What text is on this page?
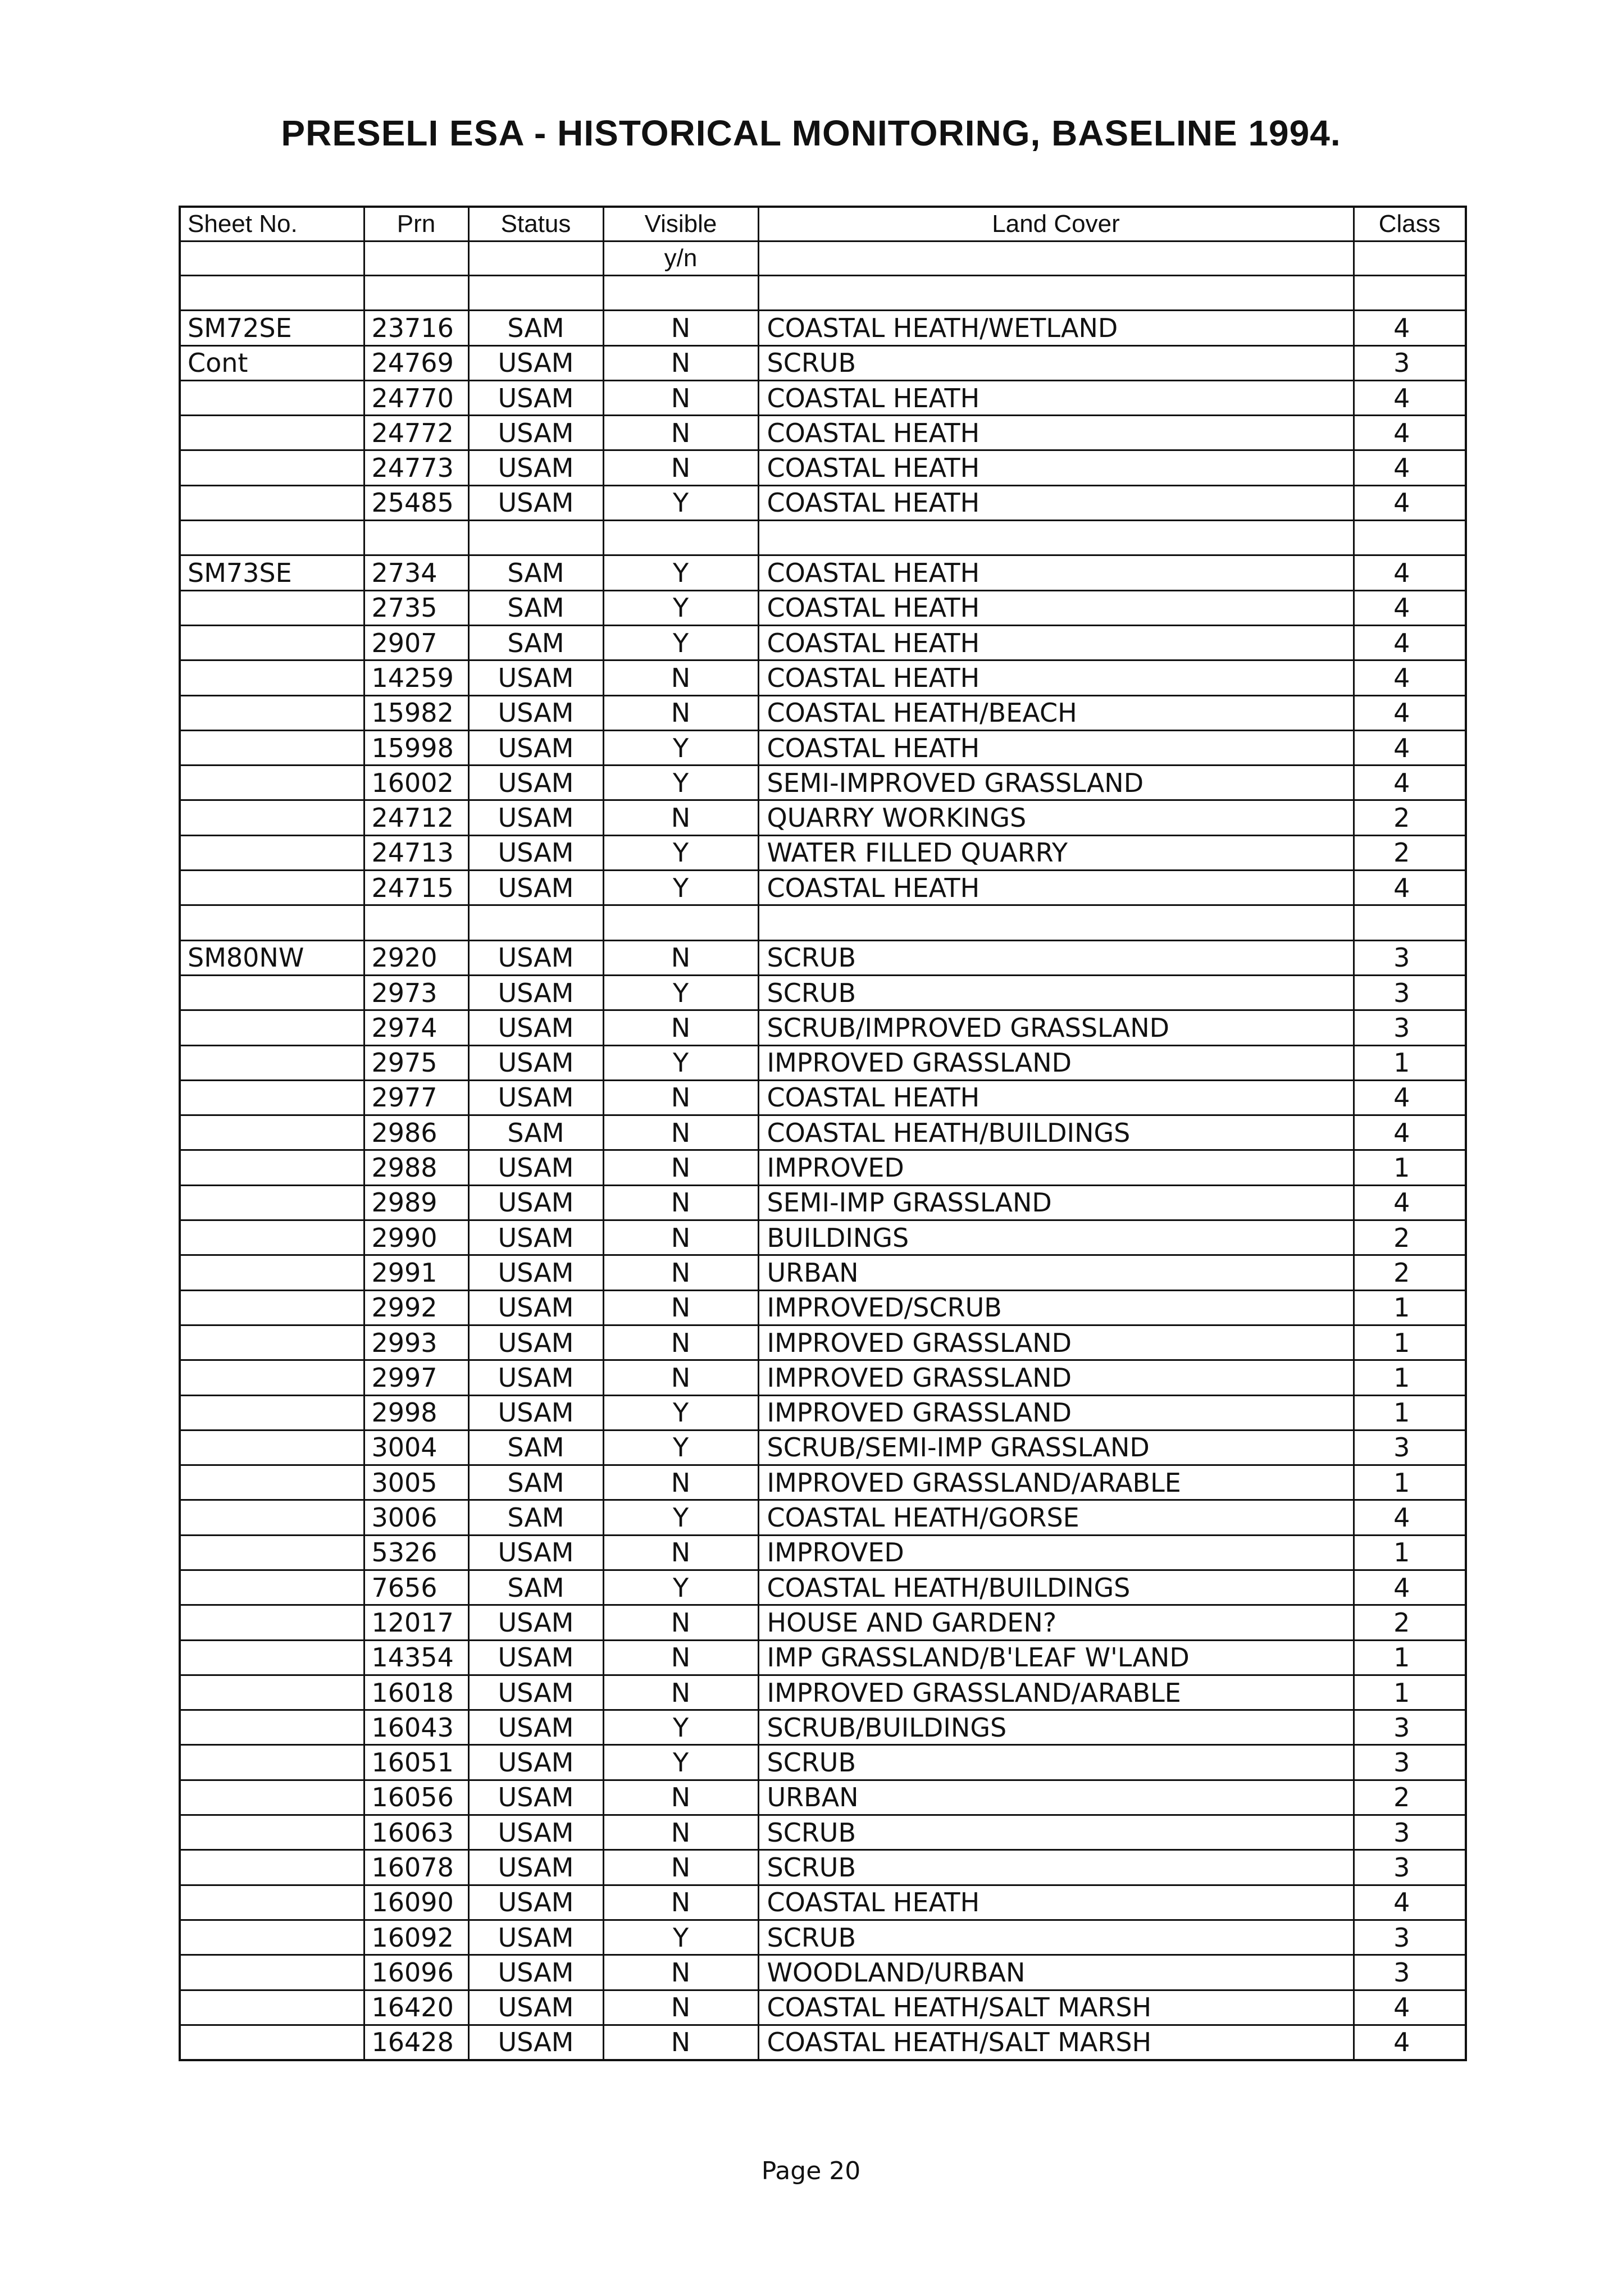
PRESELI ESA - HISTORICAL MONITORING, BASELINE 1994.
Sheet No.	Prn	Status	Visible	Land Cover	Class
			y/n		

SM72SE	23716	SAM	N	COASTAL HEATH/WETLAND	4
Cont	24769	USAM	N	SCRUB	3
	24770	USAM	N	COASTAL HEATH	4
	24772	USAM	N	COASTAL HEATH	4
	24773	USAM	N	COASTAL HEATH	4
	25485	USAM	Y	COASTAL HEATH	4

SM73SE	2734	SAM	Y	COASTAL HEATH	4
	2735	SAM	Y	COASTAL HEATH	4
	2907	SAM	Y	COASTAL HEATH	4
	14259	USAM	N	COASTAL HEATH	4
	15982	USAM	N	COASTAL HEATH/BEACH	4
	15998	USAM	Y	COASTAL HEATH	4
	16002	USAM	Y	SEMI-IMPROVED GRASSLAND	4
	24712	USAM	N	QUARRY WORKINGS	2
	24713	USAM	Y	WATER FILLED QUARRY	2
	24715	USAM	Y	COASTAL HEATH	4

SM80NW	2920	USAM	N	SCRUB	3
	2973	USAM	Y	SCRUB	3
	2974	USAM	N	SCRUB/IMPROVED GRASSLAND	3
	2975	USAM	Y	IMPROVED GRASSLAND	1
	2977	USAM	N	COASTAL HEATH	4
	2986	SAM	N	COASTAL HEATH/BUILDINGS	4
	2988	USAM	N	IMPROVED	1
	2989	USAM	N	SEMI-IMP GRASSLAND	4
	2990	USAM	N	BUILDINGS	2
	2991	USAM	N	URBAN	2
	2992	USAM	N	IMPROVED/SCRUB	1
	2993	USAM	N	IMPROVED GRASSLAND	1
	2997	USAM	N	IMPROVED GRASSLAND	1
	2998	USAM	Y	IMPROVED GRASSLAND	1
	3004	SAM	Y	SCRUB/SEMI-IMP GRASSLAND	3
	3005	SAM	N	IMPROVED GRASSLAND/ARABLE	1
	3006	SAM	Y	COASTAL HEATH/GORSE	4
	5326	USAM	N	IMPROVED	1
	7656	SAM	Y	COASTAL HEATH/BUILDINGS	4
	12017	USAM	N	HOUSE AND GARDEN?	2
	14354	USAM	N	IMP GRASSLAND/B'LEAF W'LAND	1
	16018	USAM	N	IMPROVED GRASSLAND/ARABLE	1
	16043	USAM	Y	SCRUB/BUILDINGS	3
	16051	USAM	Y	SCRUB	3
	16056	USAM	N	URBAN	2
	16063	USAM	N	SCRUB	3
	16078	USAM	N	SCRUB	3
	16090	USAM	N	COASTAL HEATH	4
	16092	USAM	Y	SCRUB	3
	16096	USAM	N	WOODLAND/URBAN	3
	16420	USAM	N	COASTAL HEATH/SALT MARSH	4
	16428	USAM	N	COASTAL HEATH/SALT MARSH	4
Page 20
